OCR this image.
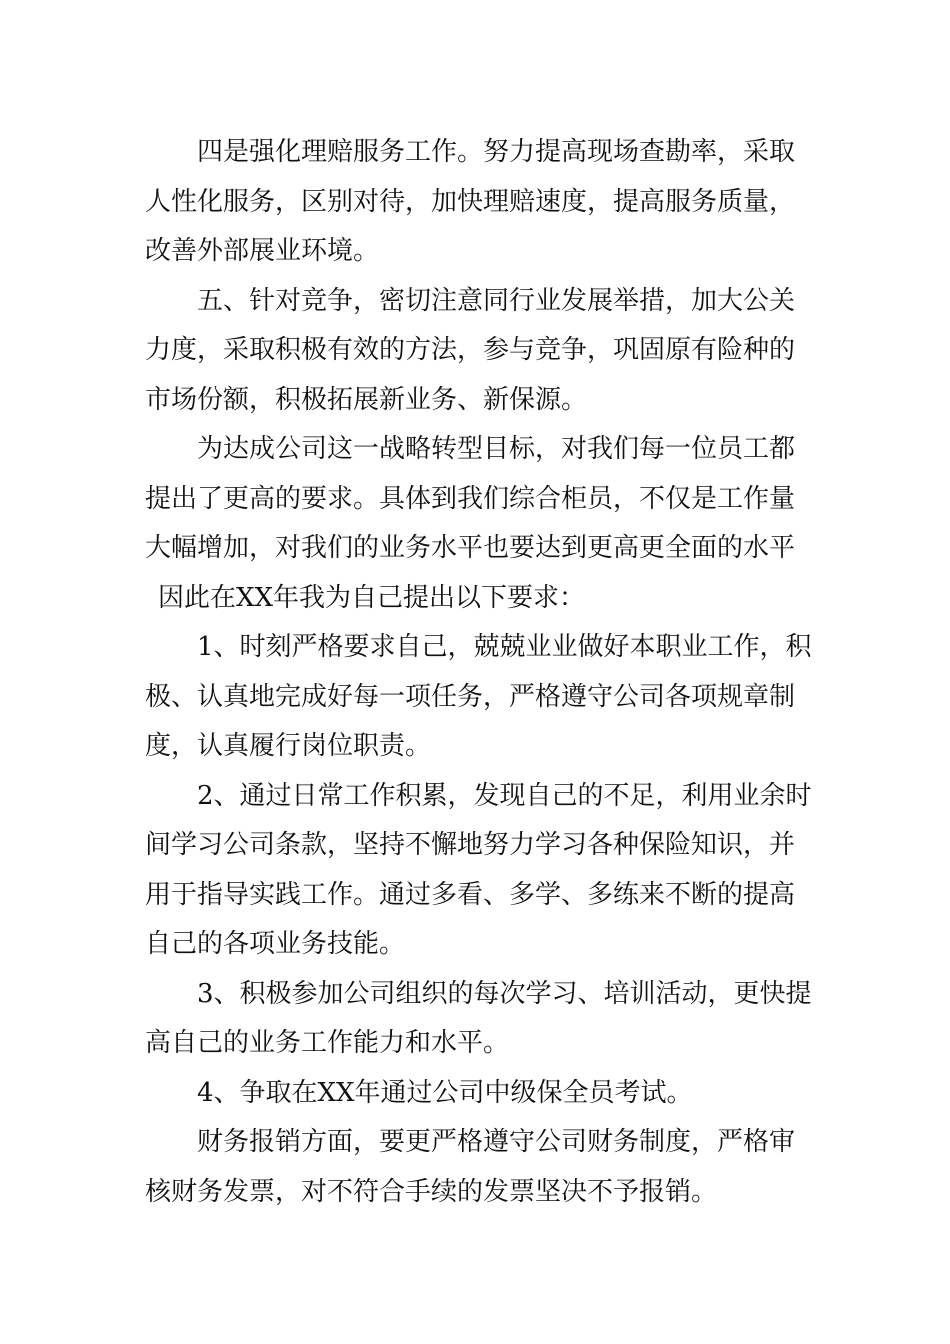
四是强化理赔服务工作。努力提高现场查勘率，采取
人性化服务，区别对待，加快理赔速度，提高服务质量，
改善外部展业环境。
五、针对竞争，密切注意同行业发展举措，加大公关
力度，采取积极有效的方法，参与竞争，巩固原有险种的
市场份额，积极拓展新业务、新保源。
为达成公司这一战略转型目标，对我们每一位员工都
提出了更高的要求。具体到我们综合柜员，不仅是工作量
大幅增加，对我们的业务水平也要达到更高更全面的水平
因此在XX年我为自己提出以下要求：
1、时刻严格要求自己，兢兢业业做好本职业工作，积
极、认真地完成好每一项任务，严格遵守公司各项规章制
度，认真履行岗位职责。
2、通过日常工作积累，发现自己的不足，利用业余时
间学习公司条款，坚持不懈地努力学习各种保险知识，并
用于指导实践工作。通过多看、多学、多练来不断的提高
自己的各项业务技能。
3、积极参加公司组织的每次学习、培训活动，更快提
高自己的业务工作能力和水平。
4、争取在XX年通过公司中级保全员考试。
财务报销方面，要更严格遵守公司财务制度，严格审
核财务发票，对不符合手续的发票坚决不予报销。
